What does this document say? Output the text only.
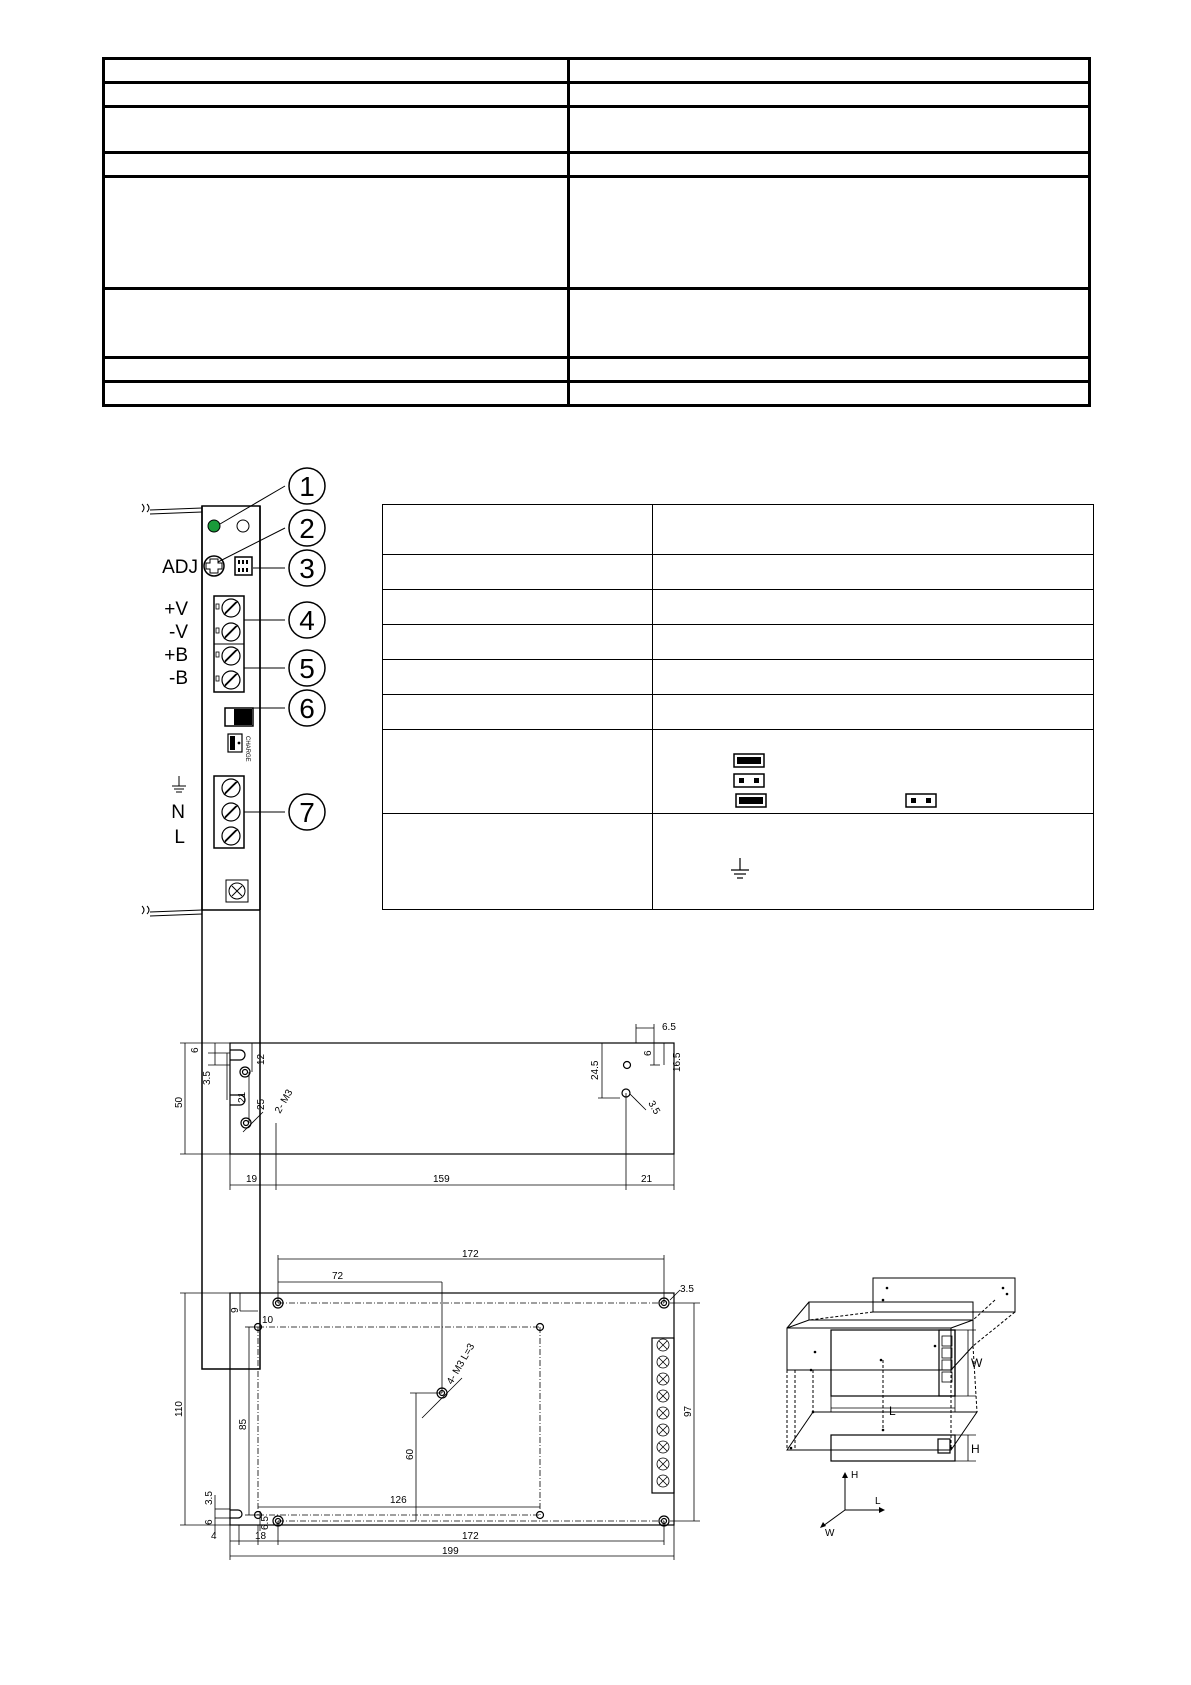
CHARGE
1
2
3
4
5
6
7
ADJ
+V
-V
+B
-B
N
L
6
3.5
50
12
21
25 2- M3
24.5
6.5
6 16.5
3.5
19	159	21
W
L
H
172
72
3.5
9
10
4- M3 L=3
85
110	97
60
126
3.5
6	6.5
4	18	172
199
H
L
W
